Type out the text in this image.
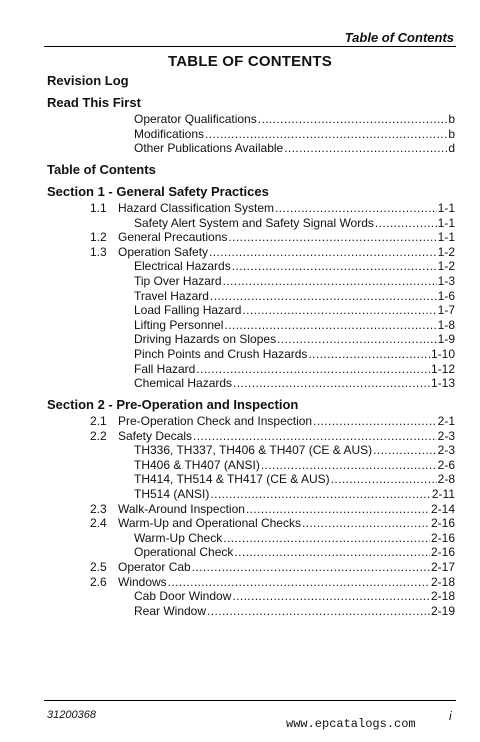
Table of Contents
TABLE OF CONTENTS
Revision Log
Read This First
Operator Qualifications .....	b
Modifications .....	b
Other Publications Available .....	d
Table of Contents
Section 1 - General Safety Practices
1.1 Hazard Classification System .....	1-1
Safety Alert System and Safety Signal Words .....	1-1
1.2 General Precautions .....	1-1
1.3 Operation Safety .....	1-2
Electrical Hazards .....	1-2
Tip Over Hazard .....	1-3
Travel Hazard .....	1-6
Load Falling Hazard .....	1-7
Lifting Personnel .....	1-8
Driving Hazards on Slopes .....	1-9
Pinch Points and Crush Hazards .....	1-10
Fall Hazard .....	1-12
Chemical Hazards .....	1-13
Section 2 - Pre-Operation and Inspection
2.1 Pre-Operation Check and Inspection .....	2-1
2.2 Safety Decals .....	2-3
TH336, TH337, TH406 & TH407 (CE & AUS) .....	2-3
TH406 & TH407 (ANSI) .....	2-6
TH414, TH514 & TH417 (CE & AUS) .....	2-8
TH514 (ANSI) .....	2-11
2.3 Walk-Around Inspection .....	2-14
2.4 Warm-Up and Operational Checks .....	2-16
Warm-Up Check .....	2-16
Operational Check .....	2-16
2.5 Operator Cab .....	2-17
2.6 Windows .....	2-18
Cab Door Window .....	2-18
Rear Window .....	2-19
31200368
www.epcatalogs.com
i
